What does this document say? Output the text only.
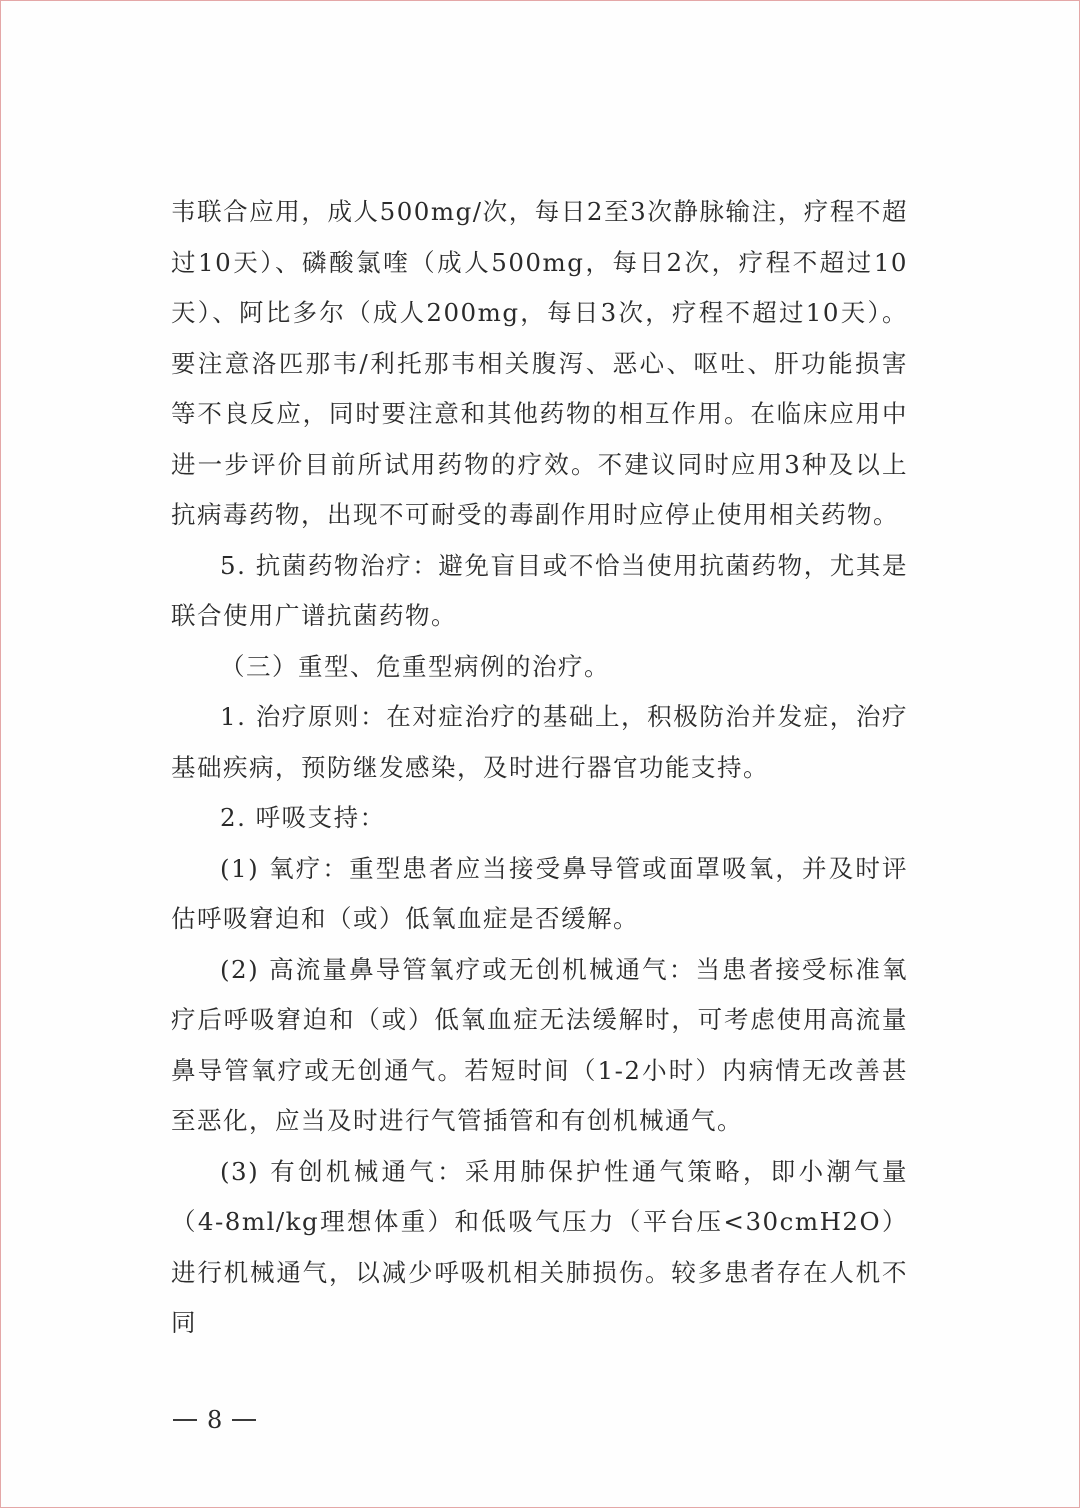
韦联合应用，成人500mg/次，每日2至3次静脉输注，疗程不超过10天）、磷酸氯喹（成人500mg，每日2次，疗程不超过10天）、阿比多尔（成人200mg，每日3次，疗程不超过10天）。要注意洛匹那韦/利托那韦相关腹泻、恶心、呕吐、肝功能损害等不良反应，同时要注意和其他药物的相互作用。在临床应用中进一步评价目前所试用药物的疗效。不建议同时应用3种及以上抗病毒药物，出现不可耐受的毒副作用时应停止使用相关药物。

5. 抗菌药物治疗：避免盲目或不恰当使用抗菌药物，尤其是联合使用广谱抗菌药物。

（三）重型、危重型病例的治疗。

1. 治疗原则：在对症治疗的基础上，积极防治并发症，治疗基础疾病，预防继发感染，及时进行器官功能支持。

2. 呼吸支持：

(1) 氧疗：重型患者应当接受鼻导管或面罩吸氧，并及时评估呼吸窘迫和（或）低氧血症是否缓解。

(2) 高流量鼻导管氧疗或无创机械通气：当患者接受标准氧疗后呼吸窘迫和（或）低氧血症无法缓解时，可考虑使用高流量鼻导管氧疗或无创通气。若短时间（1-2小时）内病情无改善甚至恶化，应当及时进行气管插管和有创机械通气。

(3) 有创机械通气：采用肺保护性通气策略，即小潮气量（4-8ml/kg理想体重）和低吸气压力（平台压<30cmH2O）进行机械通气，以减少呼吸机相关肺损伤。较多患者存在人机不同

8
